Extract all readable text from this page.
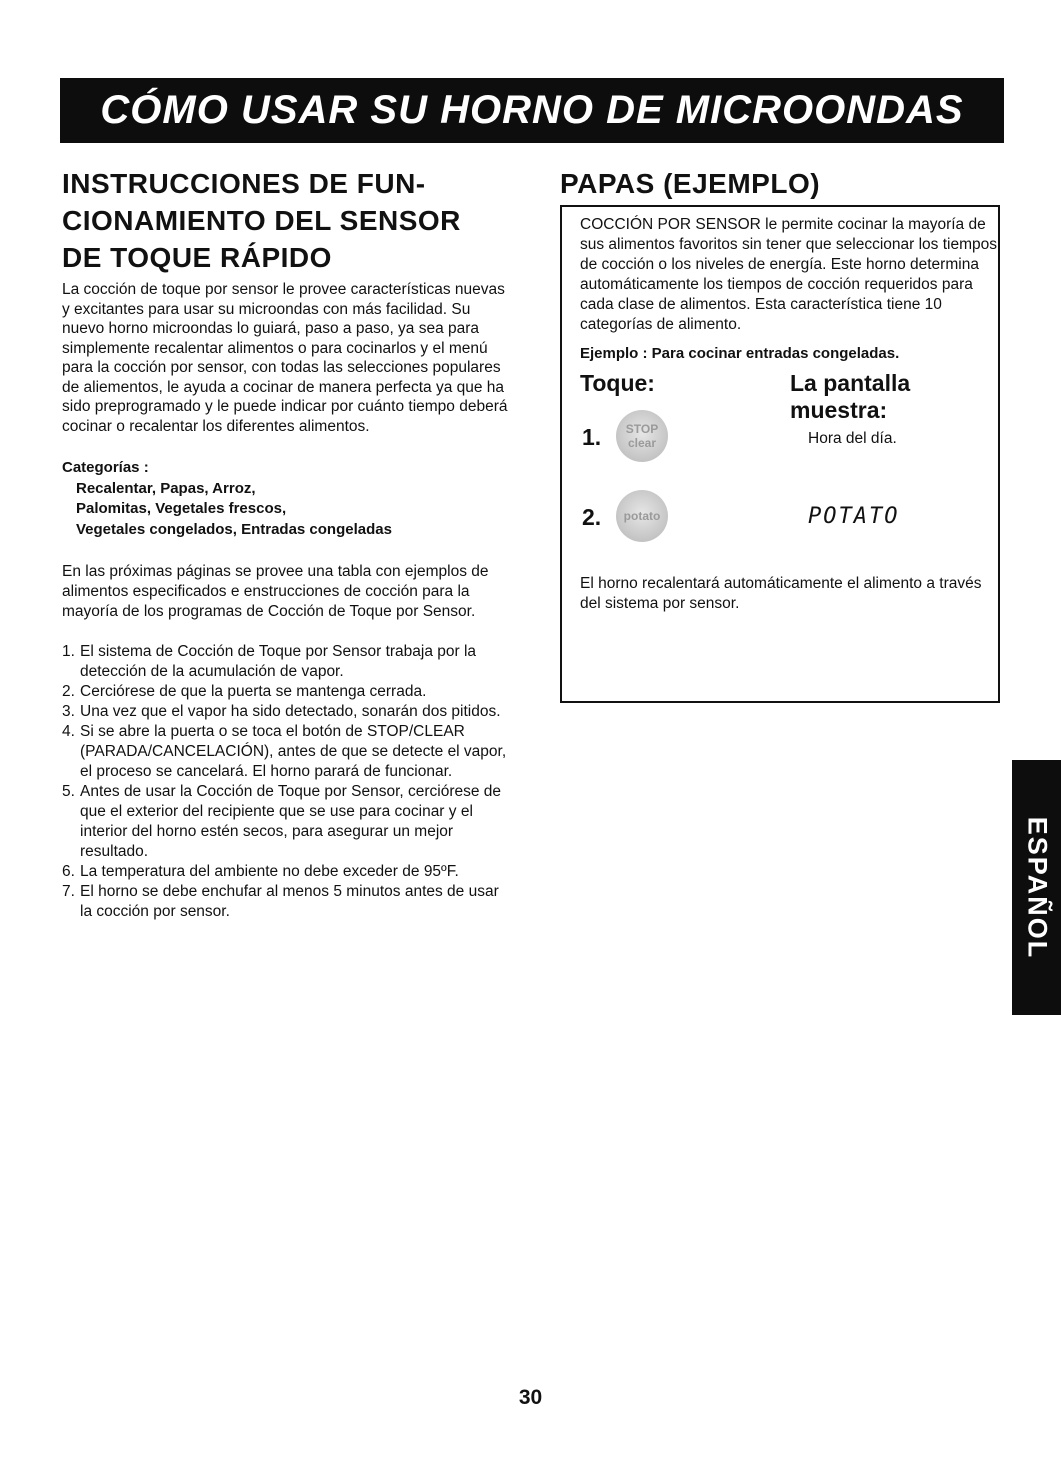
CÓMO USAR SU HORNO DE MICROONDAS
INSTRUCCIONES DE FUN-
CIONAMIENTO DEL SENSOR
DE TOQUE RÁPIDO

La cocción de toque por sensor le provee características nuevas y excitantes para usar su microondas con más facilidad. Su nuevo horno microondas lo guiará, paso a paso, ya sea para simplemente recalentar alimentos o para cocinarlos y el menú para la cocción por sensor, con todas las selecciones populares de aliementos, le ayuda a cocinar de manera perfecta ya que ha sido preprogramado y le puede indicar por cuánto tiempo deberá cocinar o recalentar los diferentes alimentos.

Categorías :
Recalentar, Papas, Arroz,
Palomitas, Vegetales frescos,
Vegetales congelados, Entradas congeladas

En las próximas páginas se provee una tabla con ejemplos de alimentos especificados e enstrucciones de cocción para la mayoría de los programas de Cocción de Toque por Sensor.

1. El sistema de Cocción de Toque por Sensor trabaja por la detección de la acumulación de vapor.
2. Cerciórese de que la puerta se mantenga cerrada.
3. Una vez que el vapor ha sido detectado, sonarán dos pitidos.
4. Si se abre la puerta o se toca el botón de STOP/CLEAR (PARADA/CANCELACIÓN), antes de que se detecte el vapor, el proceso se cancelará. El horno parará de funcionar.
5. Antes de usar la Cocción de Toque por Sensor, cerciórese de que el exterior del recipiente que se use para cocinar y el interior del horno estén secos, para asegurar un mejor resultado.
6. La temperatura del ambiente no debe exceder de 95ºF.
7. El horno se debe enchufar al menos 5 minutos antes de usar la cocción por sensor.
PAPAS (EJEMPLO)

COCCIÓN POR SENSOR le permite cocinar la mayoría de sus alimentos favoritos sin tener que seleccionar los tiempos de cocción o los niveles de energía. Este horno determina automáticamente los tiempos de cocción requeridos para cada clase de alimentos. Esta característica tiene 10 categorías de alimento.

Ejemplo : Para cocinar entradas congeladas.
Toque:	La pantalla muestra:
1. STOP
clear	Hora del día.
2. potato	POTATO

El horno recalentará automáticamente el alimento a través del sistema por sensor.

ESPAÑOL
30
